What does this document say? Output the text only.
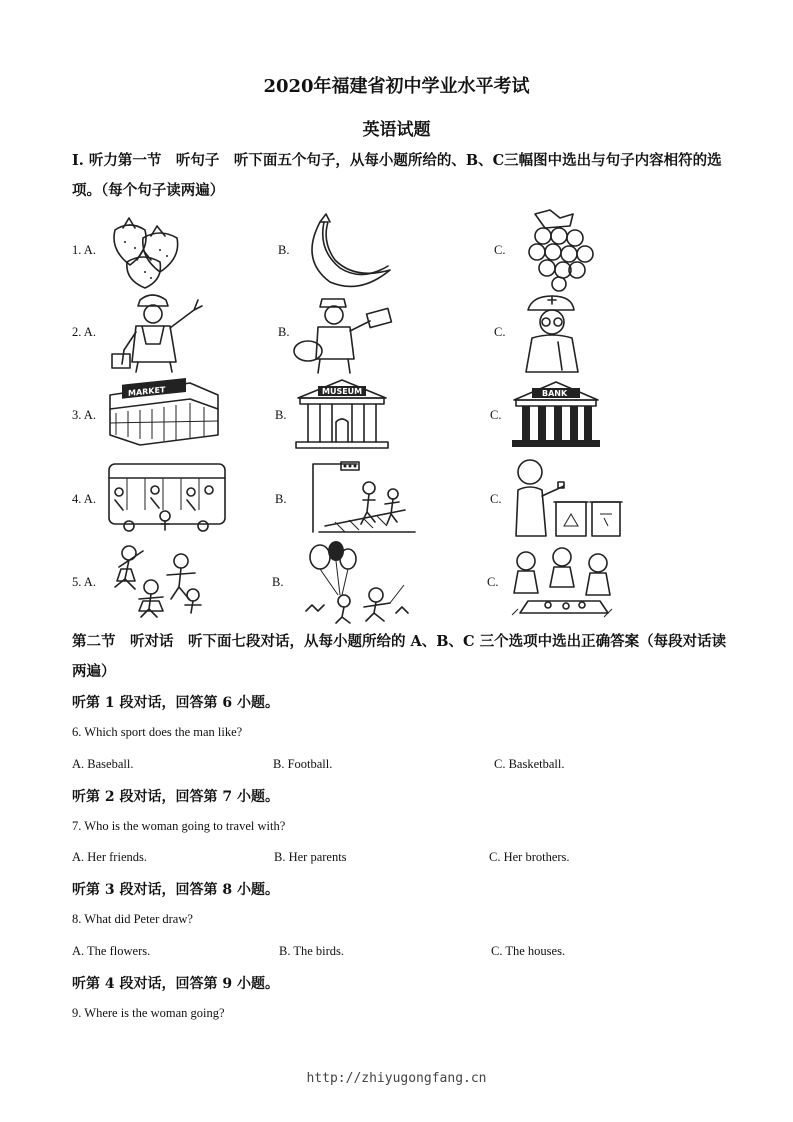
2020年福建省初中学业水平考试
英语试题
Ⅰ. 听力第一节　听句子　听下面五个句子，从每小题所给的、B、C三幅图中选出与句子内容相符的选项。（每个句子读两遍）
1. A.	B.	C.
2. A.	B.	C.
3. A.
MARKET
B.
MUSEUM
C.
BANK
4. A.	B.	C.
5. A.	B.	C.
第二节　听对话　听下面七段对话，从每小题所给的 A、B、C 三个选项中选出正确答案（每段对话读两遍）
听第 1 段对话，回答第 6 小题。
6. Which sport does the man like?
A. Baseball.	B. Football.	C. Basketball.
听第 2 段对话，回答第 7 小题。
7. Who is the woman going to travel with?
A. Her friends.	B. Her parents	C. Her brothers.
听第 3 段对话，回答第 8 小题。
8. What did Peter draw?
A. The flowers.	B. The birds.	C. The houses.
听第 4 段对话，回答第 9 小题。
9. Where is the woman going?
http://zhiyugongfang.cn
